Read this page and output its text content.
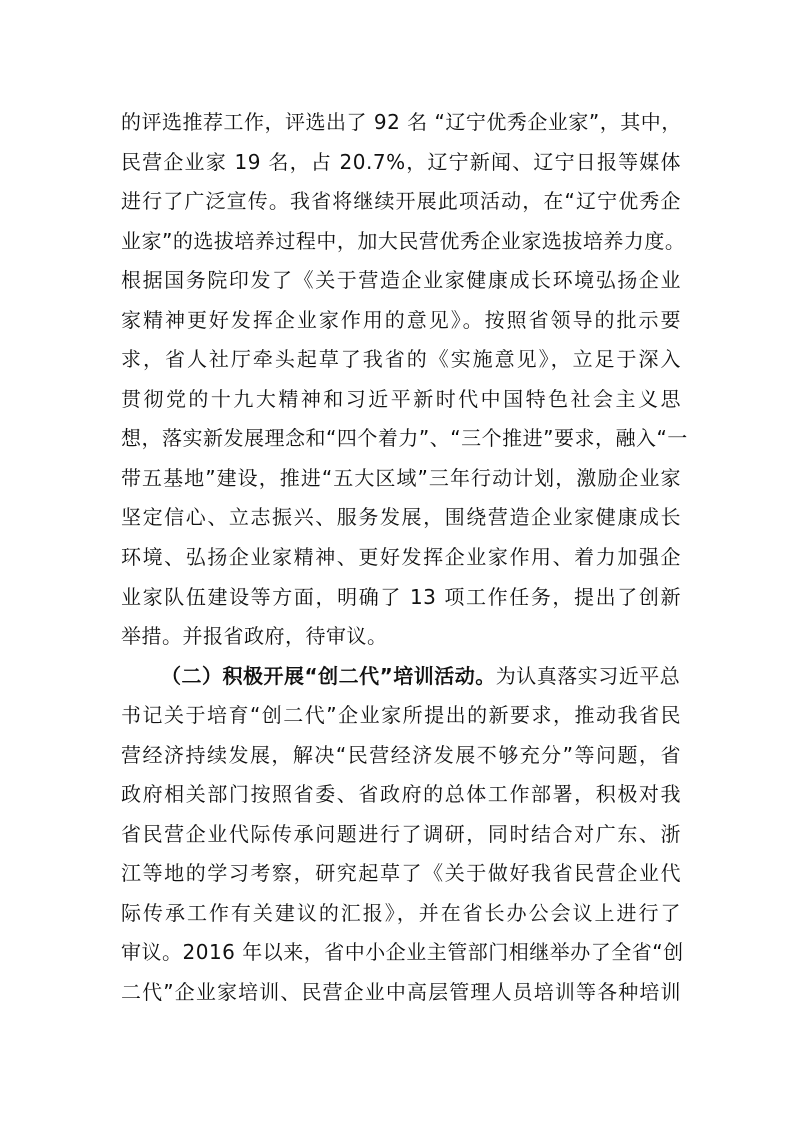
的评选推荐工作，评选出了 92 名 “辽宁优秀企业家”，其中，
民营企业家 19 名，占 20.7%，辽宁新闻、辽宁日报等媒体
进行了广泛宣传。我省将继续开展此项活动，在“辽宁优秀企
业家”的选拔培养过程中，加大民营优秀企业家选拔培养力度。
根据国务院印发了《关于营造企业家健康成长环境弘扬企业
家精神更好发挥企业家作用的意见》。按照省领导的批示要
求，省人社厅牵头起草了我省的《实施意见》，立足于深入
贯彻党的十九大精神和习近平新时代中国特色社会主义思
想，落实新发展理念和“四个着力”、“三个推进”要求，融入“一
带五基地”建设，推进“五大区域”三年行动计划，激励企业家
坚定信心、立志振兴、服务发展，围绕营造企业家健康成长
环境、弘扬企业家精神、更好发挥企业家作用、着力加强企
业家队伍建设等方面，明确了 13 项工作任务，提出了创新
举措。并报省政府，待审议。
（二）积极开展“创二代”培训活动。为认真落实习近平总
书记关于培育“创二代”企业家所提出的新要求，推动我省民
营经济持续发展，解决“民营经济发展不够充分”等问题，省
政府相关部门按照省委、省政府的总体工作部署，积极对我
省民营企业代际传承问题进行了调研，同时结合对广东、浙
江等地的学习考察，研究起草了《关于做好我省民营企业代
际传承工作有关建议的汇报》，并在省长办公会议上进行了
审议。2016 年以来，省中小企业主管部门相继举办了全省“创
二代”企业家培训、民营企业中高层管理人员培训等各种培训
